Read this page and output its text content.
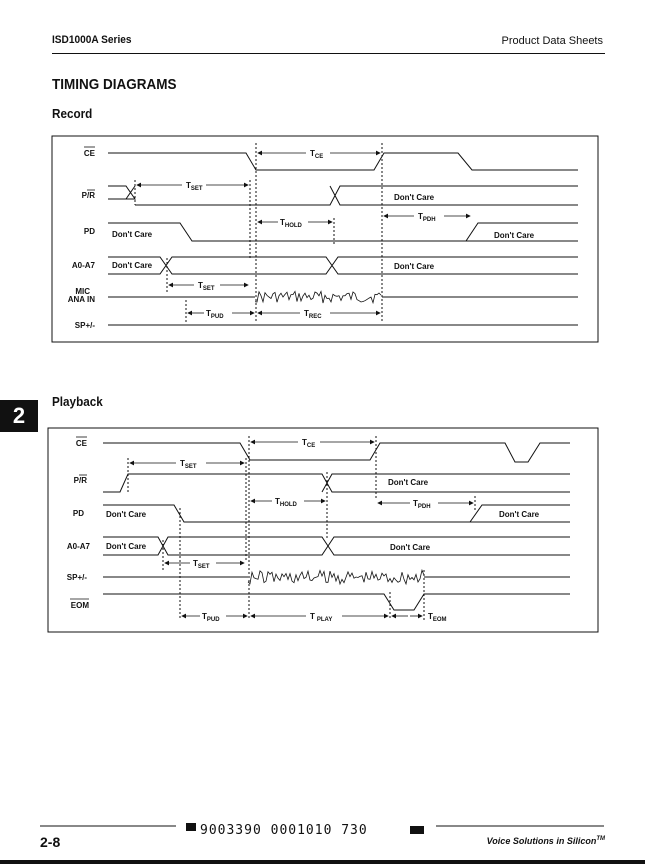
ISD1000A Series	Product Data Sheets
TIMING DIAGRAMS
Record
Playback
2
CE
P/R
PD
A0-A7
MIC
ANA IN
SP+/-
Don't Care
Don't Care	Don't Care
Don't Care	Don't Care
$T_{CE}$
$T_{SET}$
$T_{HOLD}$
$T_{PDH}$
$T_{SET}$
$T_{PUD}$	$T_{REC}$
CE
P/R
PD
A0-A7
SP+/-
EOM
Don't Care
Don't Care	Don't Care
Don't Care	Don't Care
$T_{CE}$
$T_{SET}$
$T_{HOLD}$	$T_{PDH}$
$T_{SET}$
$T_{PUD}$	T $_{PLAY}$	$T_{EOM}$
9003390 0001010 730
2-8	Voice Solutions in Silicon™
